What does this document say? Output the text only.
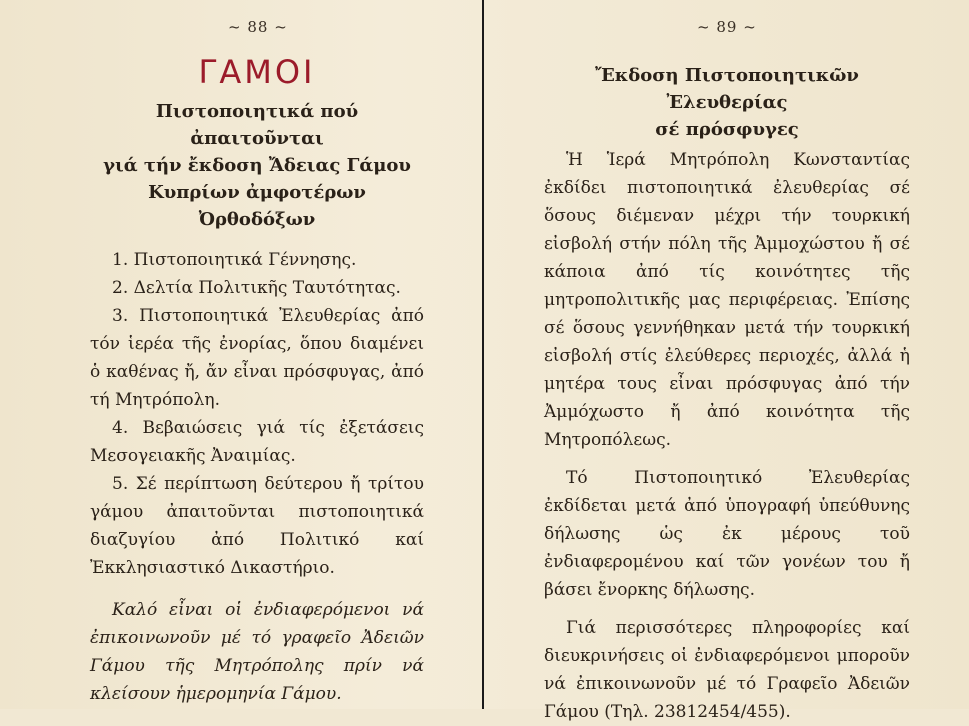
~ 88 ~
ΓΑΜΟΙ
Πιστοποιητικά πού ἀπαιτοῦνται
γιά τήν ἔκδοση Ἄδειας Γάμου
Κυπρίων ἀμφοτέρων Ὀρθοδόξων

1. Πιστοποιητικά Γέννησης.

2. Δελτία Πολιτικῆς Ταυτότητας.

3. Πιστοποιητικά Ἐλευθερίας ἀπό τόν ἱερέα τῆς ἐνορίας, ὅπου διαμένει ὁ καθένας ἤ, ἄν εἶναι πρόσφυγας, ἀπό τή Μητρόπολη.

4. Βεβαιώσεις γιά τίς ἐξετάσεις Μεσογειακῆς Ἀναιμίας.

5. Σέ περίπτωση δεύτερου ἤ τρίτου γάμου ἀπαιτοῦνται πιστοποιητικά διαζυγίου ἀπό Πολιτικό καί Ἐκκλησιαστικό Δικαστήριο.

Καλό εἶναι οἱ ἐνδιαφερόμενοι νά ἐπικοινωνοῦν μέ τό γραφεῖο Ἀδειῶν Γάμου τῆς Μητρόπολης πρίν νά κλείσουν ἡμερομηνία Γάμου.

~ 89 ~
Ἔκδοση Πιστοποιητικῶν Ἐλευθερίας
σέ πρόσφυγες

Ἡ Ἱερά Μητρόπολη Κωνσταντίας ἐκδίδει πιστοποιητικά ἐλευθερίας σέ ὅσους διέμεναν μέχρι τήν τουρκική εἰσβολή στήν πόλη τῆς Ἀμμοχώστου ἤ σέ κάποια ἀπό τίς κοινότητες τῆς μητροπολιτικῆς μας περιφέρειας. Ἐπίσης σέ ὅσους γεννήθηκαν μετά τήν τουρκική εἰσβολή στίς ἐλεύθερες περιοχές, ἀλλά ἡ μητέρα τους εἶναι πρόσφυγας ἀπό τήν Ἀμμόχωστο ἤ ἀπό κοινότητα τῆς Μητροπόλεως.

Τό Πιστοποιητικό Ἐλευθερίας ἐκδίδεται μετά ἀπό ὑπογραφή ὑπεύθυνης δήλωσης ὡς ἐκ μέρους τοῦ ἐνδιαφερομένου καί τῶν γονέων του ἤ βάσει ἔνορκης δήλωσης.

Γιά περισσότερες πληροφορίες καί διευκρινήσεις οἱ ἐνδιαφερόμενοι μποροῦν νά ἐπικοινωνοῦν μέ τό Γραφεῖο Ἀδειῶν Γάμου (Τηλ. 23812454/455).
